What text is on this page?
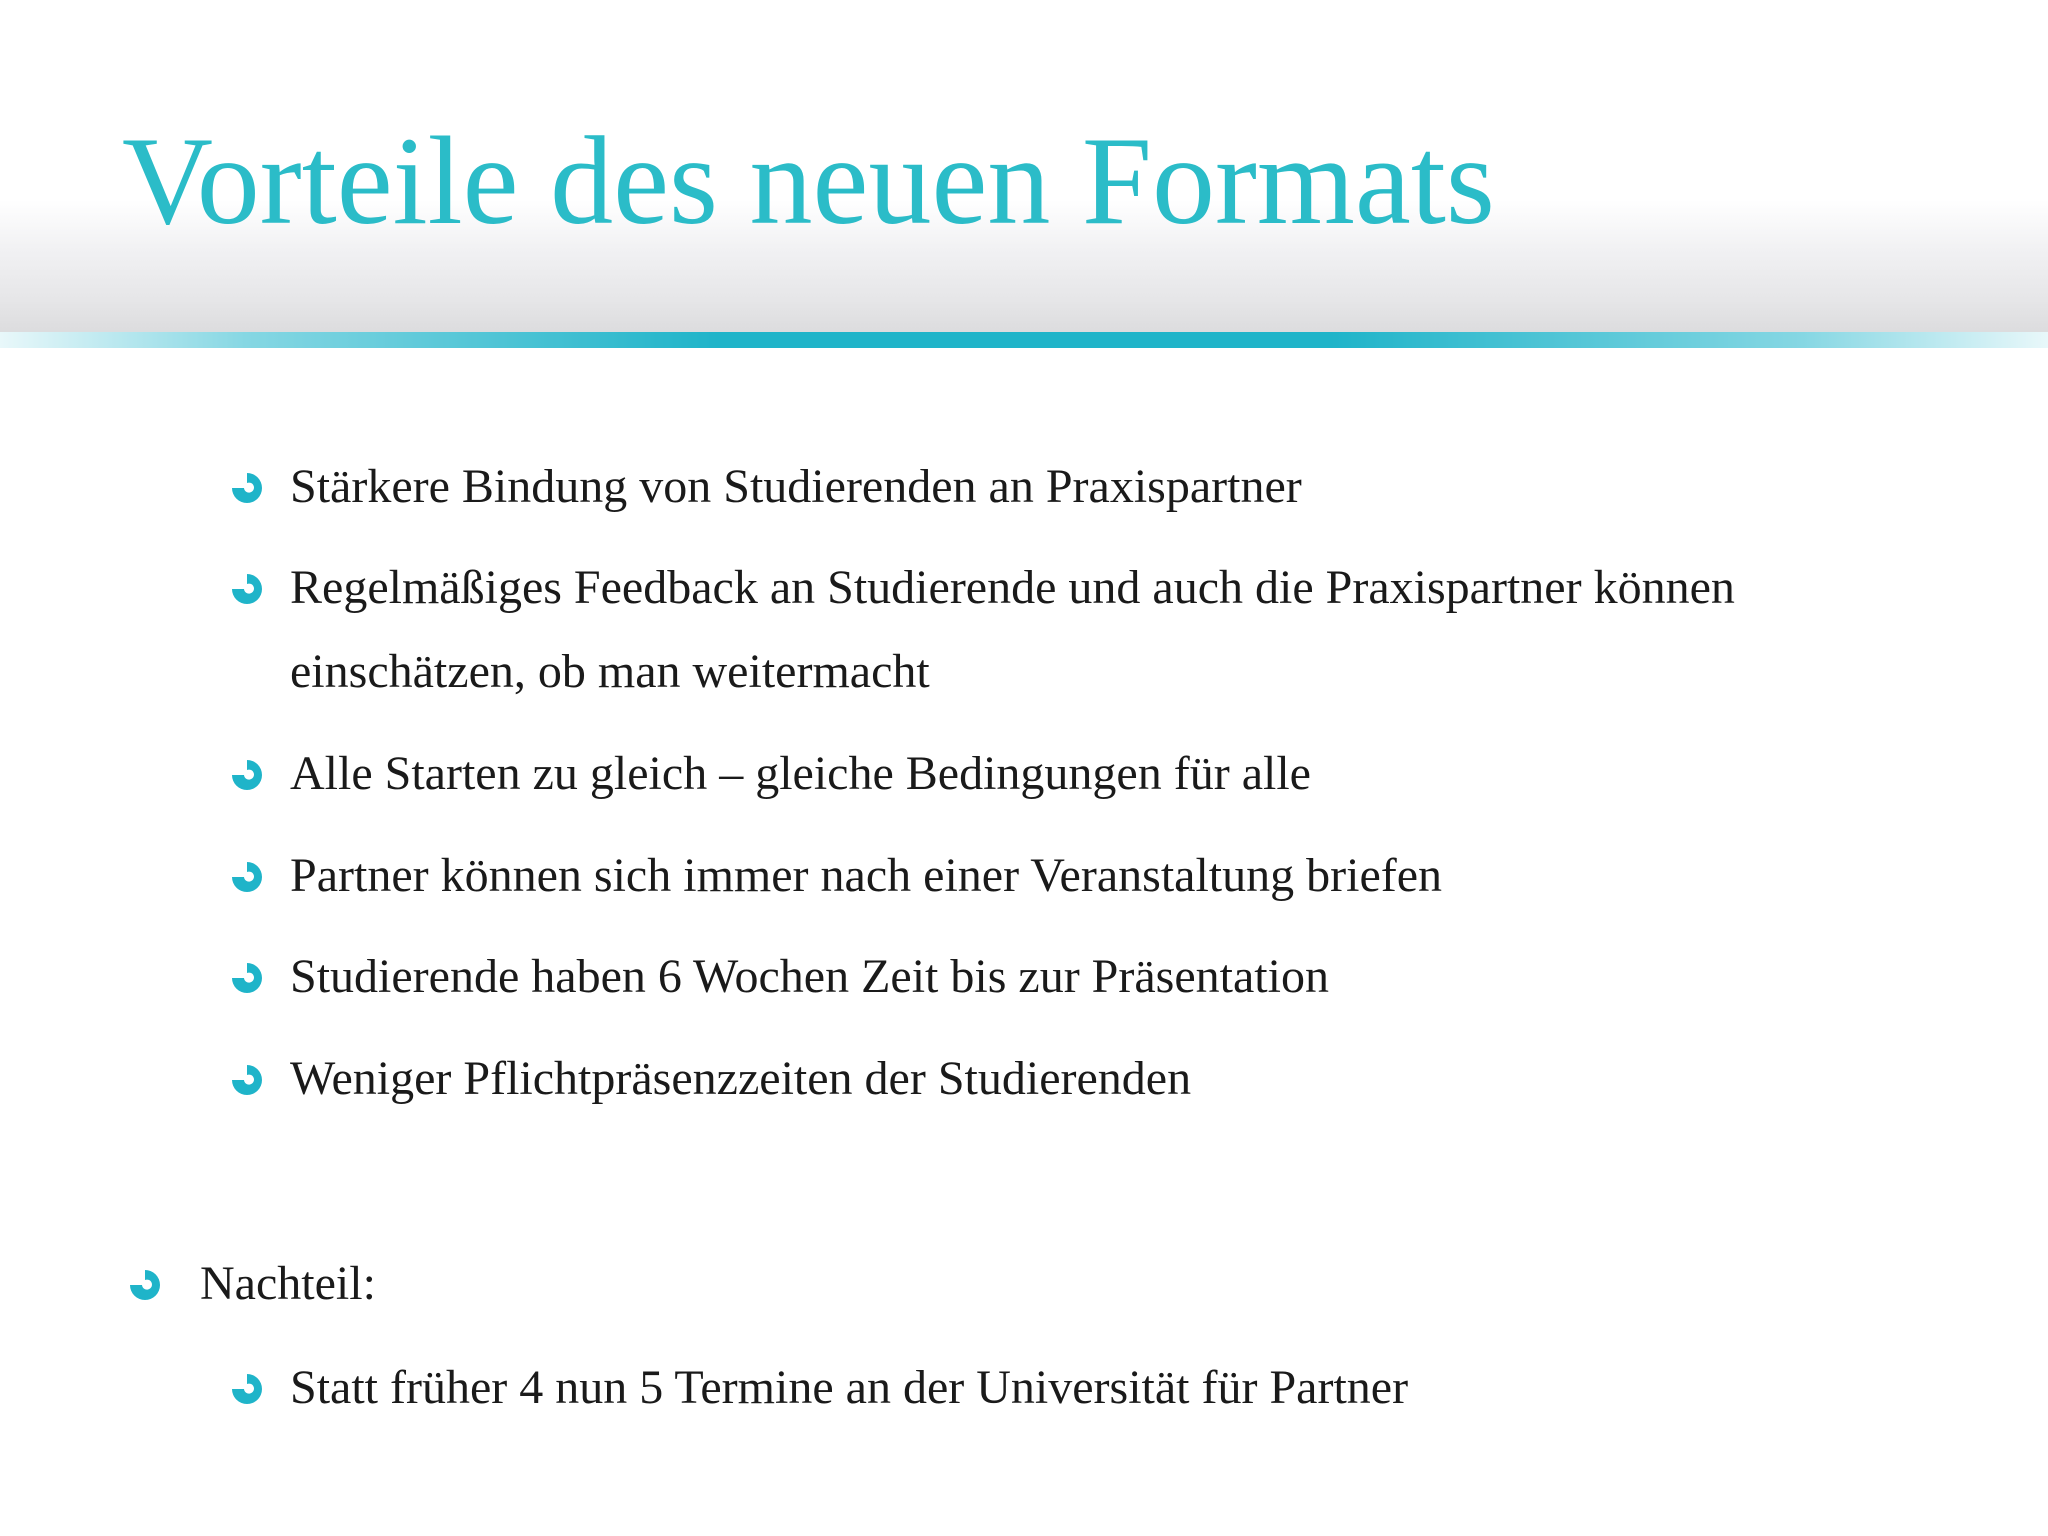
Vorteile des neuen Formats
Stärkere Bindung von Studierenden an Praxispartner
Regelmäßiges Feedback an Studierende und auch die Praxispartner können einschätzen, ob man weitermacht
Alle Starten zu gleich – gleiche Bedingungen für alle
Partner können sich immer nach einer Veranstaltung briefen
Studierende haben 6 Wochen Zeit bis zur Präsentation
Weniger Pflichtpräsenzzeiten der Studierenden
Nachteil:
Statt früher 4 nun 5 Termine an der Universität für Partner
